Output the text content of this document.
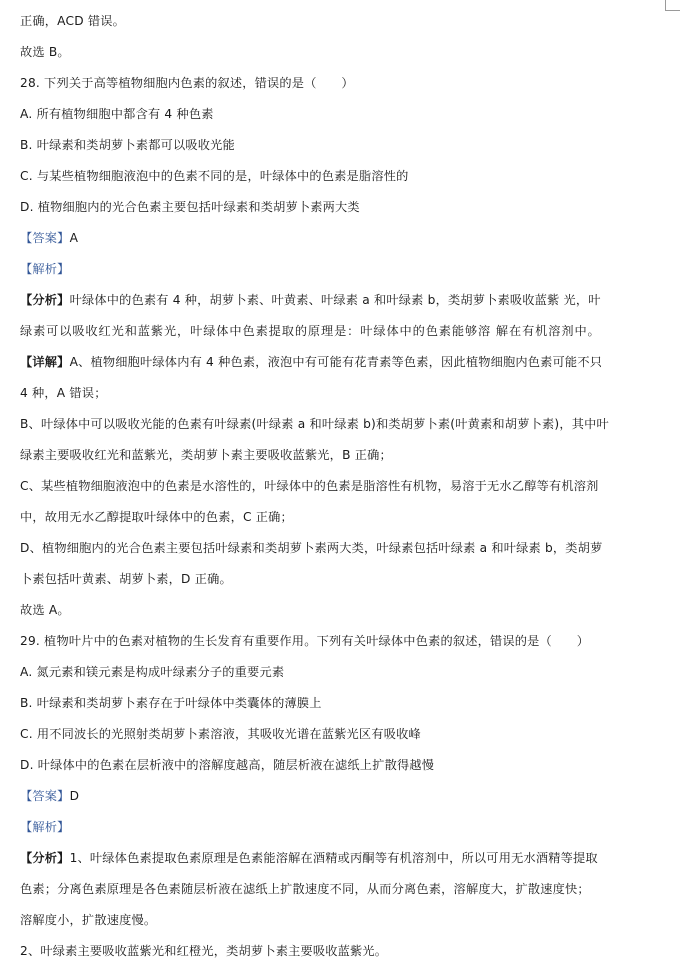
正确，ACD 错误。
故选 B。
28. 下列关于高等植物细胞内色素的叙述，错误的是（　　）
A. 所有植物细胞中都含有 4 种色素
B. 叶绿素和类胡萝卜素都可以吸收光能
C. 与某些植物细胞液泡中的色素不同的是，叶绿体中的色素是脂溶性的
D. 植物细胞内的光合色素主要包括叶绿素和类胡萝卜素两大类
【答案】A
【解析】
【分析】叶绿体中的色素有 4 种，胡萝卜素、叶黄素、叶绿素 a 和叶绿素 b，类胡萝卜素吸收蓝紫 光，叶
绿素可以吸收红光和蓝紫光，叶绿体中色素提取的原理是：叶绿体中的色素能够溶 解在有机溶剂中。
【详解】A、植物细胞叶绿体内有 4 种色素，液泡中有可能有花青素等色素，因此植物细胞内色素可能不只
4 种，A 错误；
B、叶绿体中可以吸收光能的色素有叶绿素(叶绿素 a 和叶绿素 b)和类胡萝卜素(叶黄素和胡萝卜素)，其中叶
绿素主要吸收红光和蓝紫光，类胡萝卜素主要吸收蓝紫光，B 正确；
C、某些植物细胞液泡中的色素是水溶性的，叶绿体中的色素是脂溶性有机物，易溶于无水乙醇等有机溶剂
中，故用无水乙醇提取叶绿体中的色素，C 正确；
D、植物细胞内的光合色素主要包括叶绿素和类胡萝卜素两大类，叶绿素包括叶绿素 a 和叶绿素 b，类胡萝
卜素包括叶黄素、胡萝卜素，D 正确。
故选 A。
29. 植物叶片中的色素对植物的生长发育有重要作用。下列有关叶绿体中色素的叙述，错误的是（　　）
A. 氮元素和镁元素是构成叶绿素分子的重要元素
B. 叶绿素和类胡萝卜素存在于叶绿体中类囊体的薄膜上
C. 用不同波长的光照射类胡萝卜素溶液，其吸收光谱在蓝紫光区有吸收峰
D. 叶绿体中的色素在层析液中的溶解度越高，随层析液在滤纸上扩散得越慢
【答案】D
【解析】
【分析】1、叶绿体色素提取色素原理是色素能溶解在酒精或丙酮等有机溶剂中，所以可用无水酒精等提取
色素；分离色素原理是各色素随层析液在滤纸上扩散速度不同，从而分离色素，溶解度大，扩散速度快；
溶解度小，扩散速度慢。
2、叶绿素主要吸收蓝紫光和红橙光，类胡萝卜素主要吸收蓝紫光。
